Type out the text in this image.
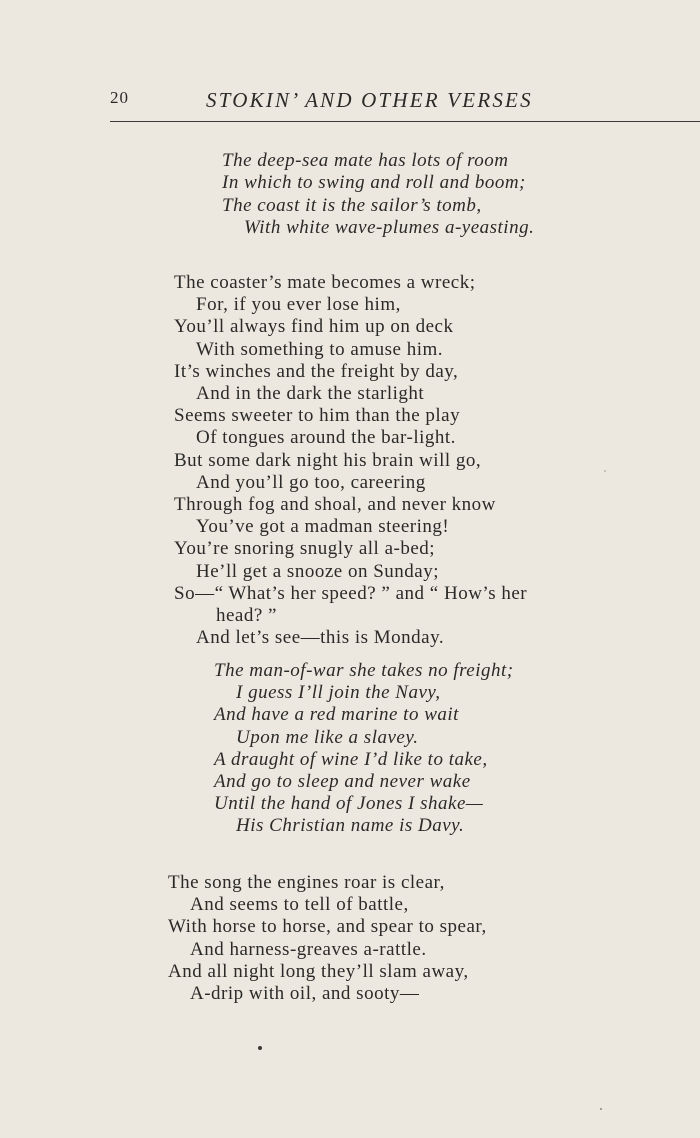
20	STOKIN’ AND OTHER VERSES
The deep-sea mate has lots of room
In which to swing and roll and boom;
The coast it is the sailor’s tomb,
With white wave-plumes a-yeasting.
The coaster’s mate becomes a wreck;
For, if you ever lose him,
You’ll always find him up on deck
With something to amuse him.
It’s winches and the freight by day,
And in the dark the starlight
Seems sweeter to him than the play
Of tongues around the bar-light.
But some dark night his brain will go,
And you’ll go too, careering
Through fog and shoal, and never know
You’ve got a madman steering!
You’re snoring snugly all a-bed;
He’ll get a snooze on Sunday;
So—“ What’s her speed? ” and “ How’s her
head? ”
And let’s see—this is Monday.
The man-of-war she takes no freight;
I guess I’ll join the Navy,
And have a red marine to wait
Upon me like a slavey.
A draught of wine I’d like to take,
And go to sleep and never wake
Until the hand of Jones I shake—
His Christian name is Davy.
The song the engines roar is clear,
And seems to tell of battle,
With horse to horse, and spear to spear,
And harness-greaves a-rattle.
And all night long they’ll slam away,
A-drip with oil, and sooty—
